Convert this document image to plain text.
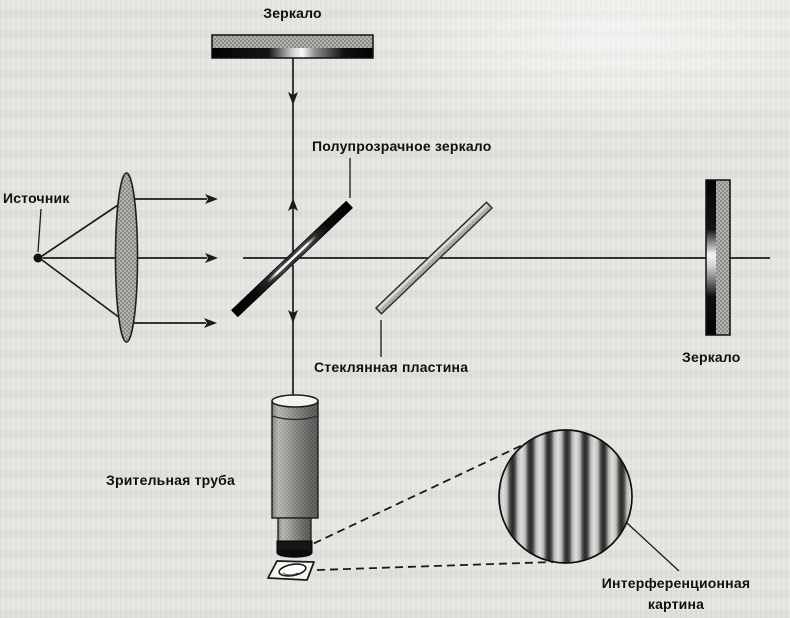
Зеркало
Полупрозрачное зеркало
Источник
Стеклянная пластина
Зеркало
Зрительная труба
Интерференционная
картина
